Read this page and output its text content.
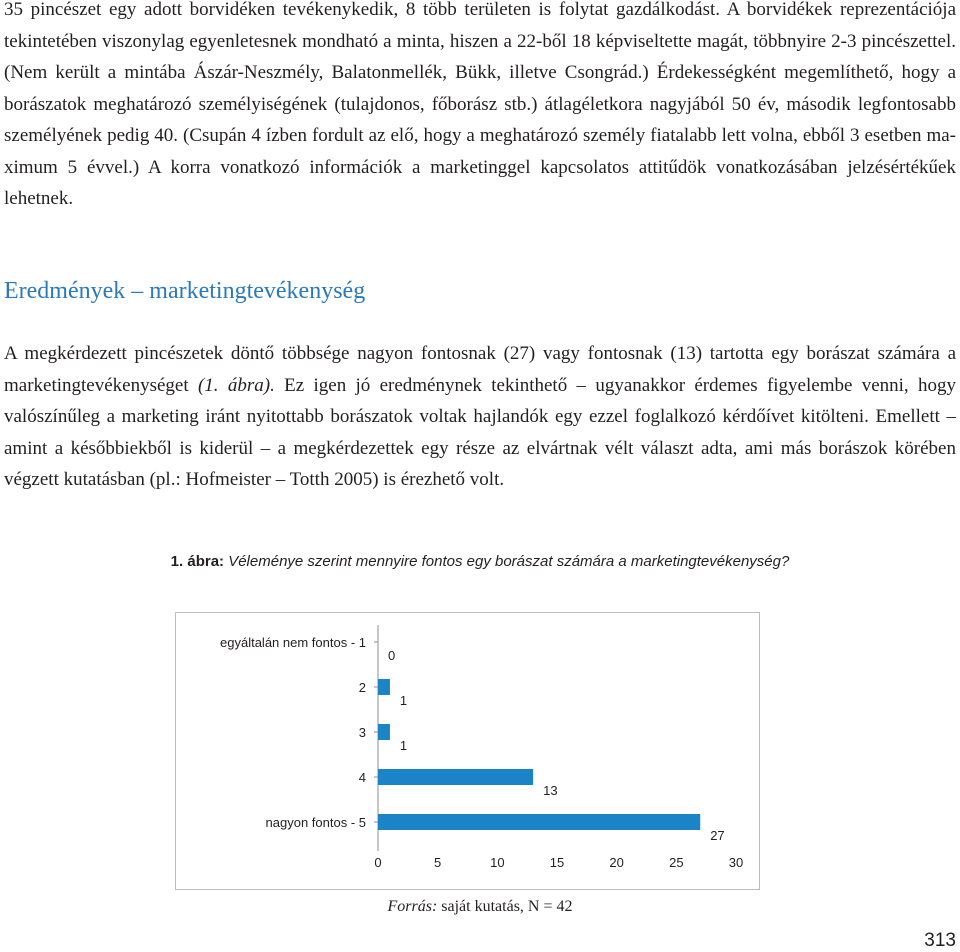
35 pincészet egy adott borvidéken tevékenykedik, 8 több területen is folytat gazdálkodást. A borvidékek reprezentációja tekintetében viszonylag egyenletesnek mondható a minta, hiszen a 22-ből 18 képviseltette magát, többnyire 2-3 pincészettel. (Nem került a mintába Ászár-Neszmély, Balatonmellék, Bükk, illetve Csongrád.) Érdekességként megemlíthető, hogy a borászatok meghatározó személyiségének (tulajdonos, főborász stb.) átlagéletkora nagyjából 50 év, második legfontosabb személyének pedig 40. (Csupán 4 ízben fordult az elő, hogy a meghatározó személy fiatalabb lett volna, ebből 3 esetben maximum 5 évvel.) A korra vonatkozó információk a marketinggel kapcsolatos attitűdök vonatkozásában jelzésértékűek lehetnek.

Eredmények – marketingtevékenység

A megkérdezett pincészetek döntő többsége nagyon fontosnak (27) vagy fontosnak (13) tartotta egy borászat számára a marketingtevékenységet (1. ábra). Ez igen jó eredménynek tekinthető – ugyanakkor érdemes figyelembe venni, hogy valószínűleg a marketing iránt nyitottabb borászatok voltak hajlandók egy ezzel foglalkozó kérdőívet kitölteni. Emellett – amint a későbbiekből is kiderül – a megkérdezettek egy része az elvártnak vélt választ adta, ami más borászok körében végzett kutatásban (pl.: Hofmeister – Totth 2005) is érezhető volt.

1. ábra: Véleménye szerint mennyire fontos egy borászat számára a marketingtevékenység?
egyáltalán nem fontos - 1
0
2
1
3
1
4
13
nagyon fontos - 5
27
0	5	10	15	20	25	30
Forrás: saját kutatás, N = 42
313
